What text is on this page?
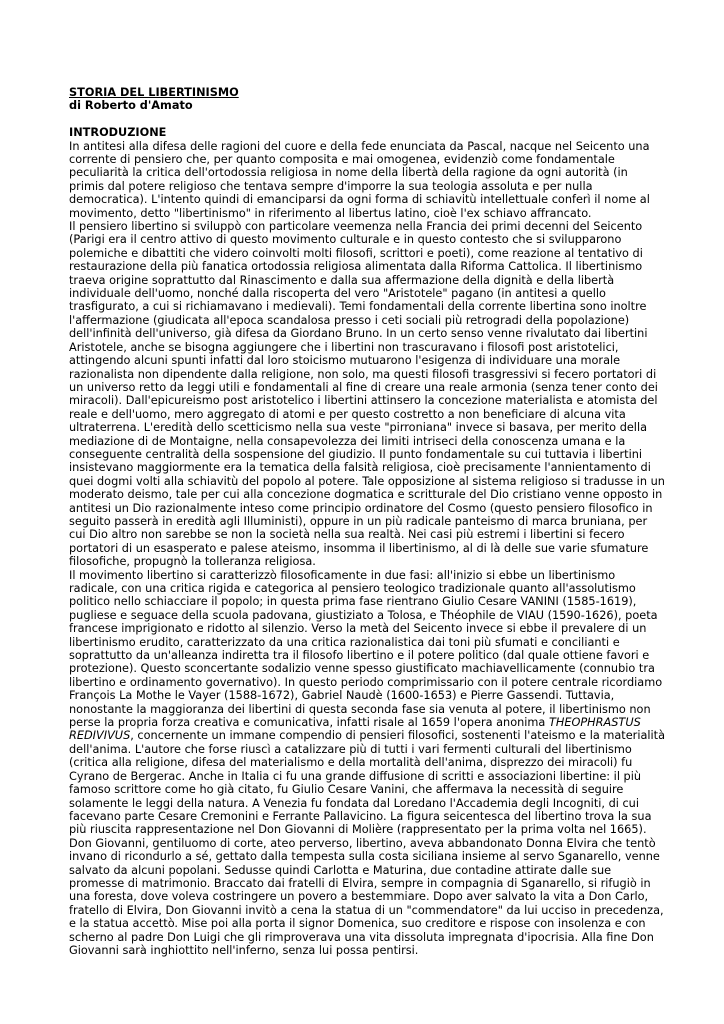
STORIA DEL LIBERTINISMO
di Roberto d'Amato
INTRODUZIONE

In antitesi alla difesa delle ragioni del cuore e della fede enunciata da Pascal, nacque nel Seicento una corrente di pensiero che, per quanto composita e mai omogenea, evidenziò come fondamentale peculiarità la critica dell'ortodossia religiosa in nome della libertà della ragione da ogni autorità (in primis dal potere religioso che tentava sempre d'imporre la sua teologia assoluta e per nulla democratica). L'intento quindi di emanciparsi da ogni forma di schiavitù intellettuale conferì il nome al movimento, detto "libertinismo" in riferimento al libertus latino, cioè l'ex schiavo affrancato.

Il pensiero libertino si sviluppò con particolare veemenza nella Francia dei primi decenni del Seicento (Parigi era il centro attivo di questo movimento culturale e in questo contesto che si svilupparono polemiche e dibattiti che videro coinvolti molti filosofi, scrittori e poeti), come reazione al tentativo di restaurazione della più fanatica ortodossia religiosa alimentata dalla Riforma Cattolica. Il libertinismo traeva origine soprattutto dal Rinascimento e dalla sua affermazione della dignità e della libertà individuale dell'uomo, nonché dalla riscoperta del vero "Aristotele" pagano (in antitesi a quello trasfigurato, a cui si richiamavano i medievali). Temi fondamentali della corrente libertina sono inoltre l'affermazione (giudicata all'epoca scandalosa presso i ceti sociali più retrogradi della popolazione) dell'infinità dell'universo, già difesa da Giordano Bruno. In un certo senso venne rivalutato dai libertini Aristotele, anche se bisogna aggiungere che i libertini non trascuravano i filosofi post aristotelici, attingendo alcuni spunti infatti dal loro stoicismo mutuarono l'esigenza di individuare una morale razionalista non dipendente dalla religione, non solo, ma questi filosofi trasgressivi si fecero portatori di un universo retto da leggi utili e fondamentali al fine di creare una reale armonia (senza tener conto dei miracoli). Dall'epicureismo post aristotelico i libertini attinsero la concezione materialista e atomista del reale e dell'uomo, mero aggregato di atomi e per questo costretto a non beneficiare di alcuna vita ultraterrena. L'eredità dello scetticismo nella sua veste "pirroniana" invece si basava, per merito della mediazione di de Montaigne, nella consapevolezza dei limiti intriseci della conoscenza umana e la conseguente centralità della sospensione del giudizio. Il punto fondamentale su cui tuttavia i libertini insistevano maggiormente era la tematica della falsità religiosa, cioè precisamente l'annientamento di quei dogmi volti alla schiavitù del popolo al potere. Tale opposizione al sistema religioso si tradusse in un moderato deismo, tale per cui alla concezione dogmatica e scritturale del Dio cristiano venne opposto in antitesi un Dio razionalmente inteso come principio ordinatore del Cosmo (questo pensiero filosofico in seguito passerà in eredità agli Illuministi), oppure in un più radicale panteismo di marca bruniana, per cui Dio altro non sarebbe se non la società nella sua realtà. Nei casi più estremi i libertini si fecero portatori di un esasperato e palese ateismo, insomma il libertinismo, al di là delle sue varie sfumature filosofiche, propugnò la tolleranza religiosa.

Il movimento libertino si caratterizzò filosoficamente in due fasi: all'inizio si ebbe un libertinismo radicale, con una critica rigida e categorica al pensiero teologico tradizionale quanto all'assolutismo politico nello schiacciare il popolo; in questa prima fase rientrano Giulio Cesare VANINI (1585-1619), pugliese e seguace della scuola padovana, giustiziato a Tolosa, e Théophile de VIAU (1590-1626), poeta francese imprigionato e ridotto al silenzio. Verso la metà del Seicento invece si ebbe il prevalere di un libertinismo erudito, caratterizzato da una critica razionalistica dai toni più sfumati e concilianti e soprattutto da un'alleanza indiretta tra il filosofo libertino e il potere politico (dal quale ottiene favori e protezione). Questo sconcertante sodalizio venne spesso giustificato machiavellicamente (connubio tra libertino e ordinamento governativo). In questo periodo comprimissario con il potere centrale ricordiamo François La Mothe le Vayer (1588-1672), Gabriel Naudè (1600-1653) e Pierre Gassendi. Tuttavia, nonostante la maggioranza dei libertini di questa seconda fase sia venuta al potere, il libertinismo non perse la propria forza creativa e comunicativa, infatti risale al 1659 l'opera anonima THEOPHRASTUS REDIVIVUS, concernente un immane compendio di pensieri filosofici, sostenenti l'ateismo e la materialità dell'anima. L'autore che forse riuscì a catalizzare più di tutti i vari fermenti culturali del libertinismo (critica alla religione, difesa del materialismo e della mortalità dell'anima, disprezzo dei miracoli) fu Cyrano de Bergerac. Anche in Italia ci fu una grande diffusione di scritti e associazioni libertine: il più famoso scrittore come ho già citato, fu Giulio Cesare Vanini, che affermava la necessità di seguire solamente le leggi della natura. A Venezia fu fondata dal Loredano l'Accademia degli Incogniti, di cui facevano parte Cesare Cremonini e Ferrante Pallavicino. La figura seicentesca del libertino trova la sua più riuscita rappresentazione nel Don Giovanni di Molière (rappresentato per la prima volta nel 1665). Don Giovanni, gentiluomo di corte, ateo perverso, libertino, aveva abbandonato Donna Elvira che tentò invano di ricondurlo a sé, gettato dalla tempesta sulla costa siciliana insieme al servo Sganarello, venne salvato da alcuni popolani. Sedusse quindi Carlotta e Maturina, due contadine attirate dalle sue promesse di matrimonio. Braccato dai fratelli di Elvira, sempre in compagnia di Sganarello, si rifugiò in una foresta, dove voleva costringere un povero a bestemmiare. Dopo aver salvato la vita a Don Carlo, fratello di Elvira, Don Giovanni invitò a cena la statua di un "commendatore" da lui ucciso in precedenza, e la statua accettò. Mise poi alla porta il signor Domenica, suo creditore e rispose con insolenza e con scherno al padre Don Luigi che gli rimproverava una vita dissoluta impregnata d'ipocrisia. Alla fine Don Giovanni sarà inghiottito nell'inferno, senza lui possa pentirsi.
